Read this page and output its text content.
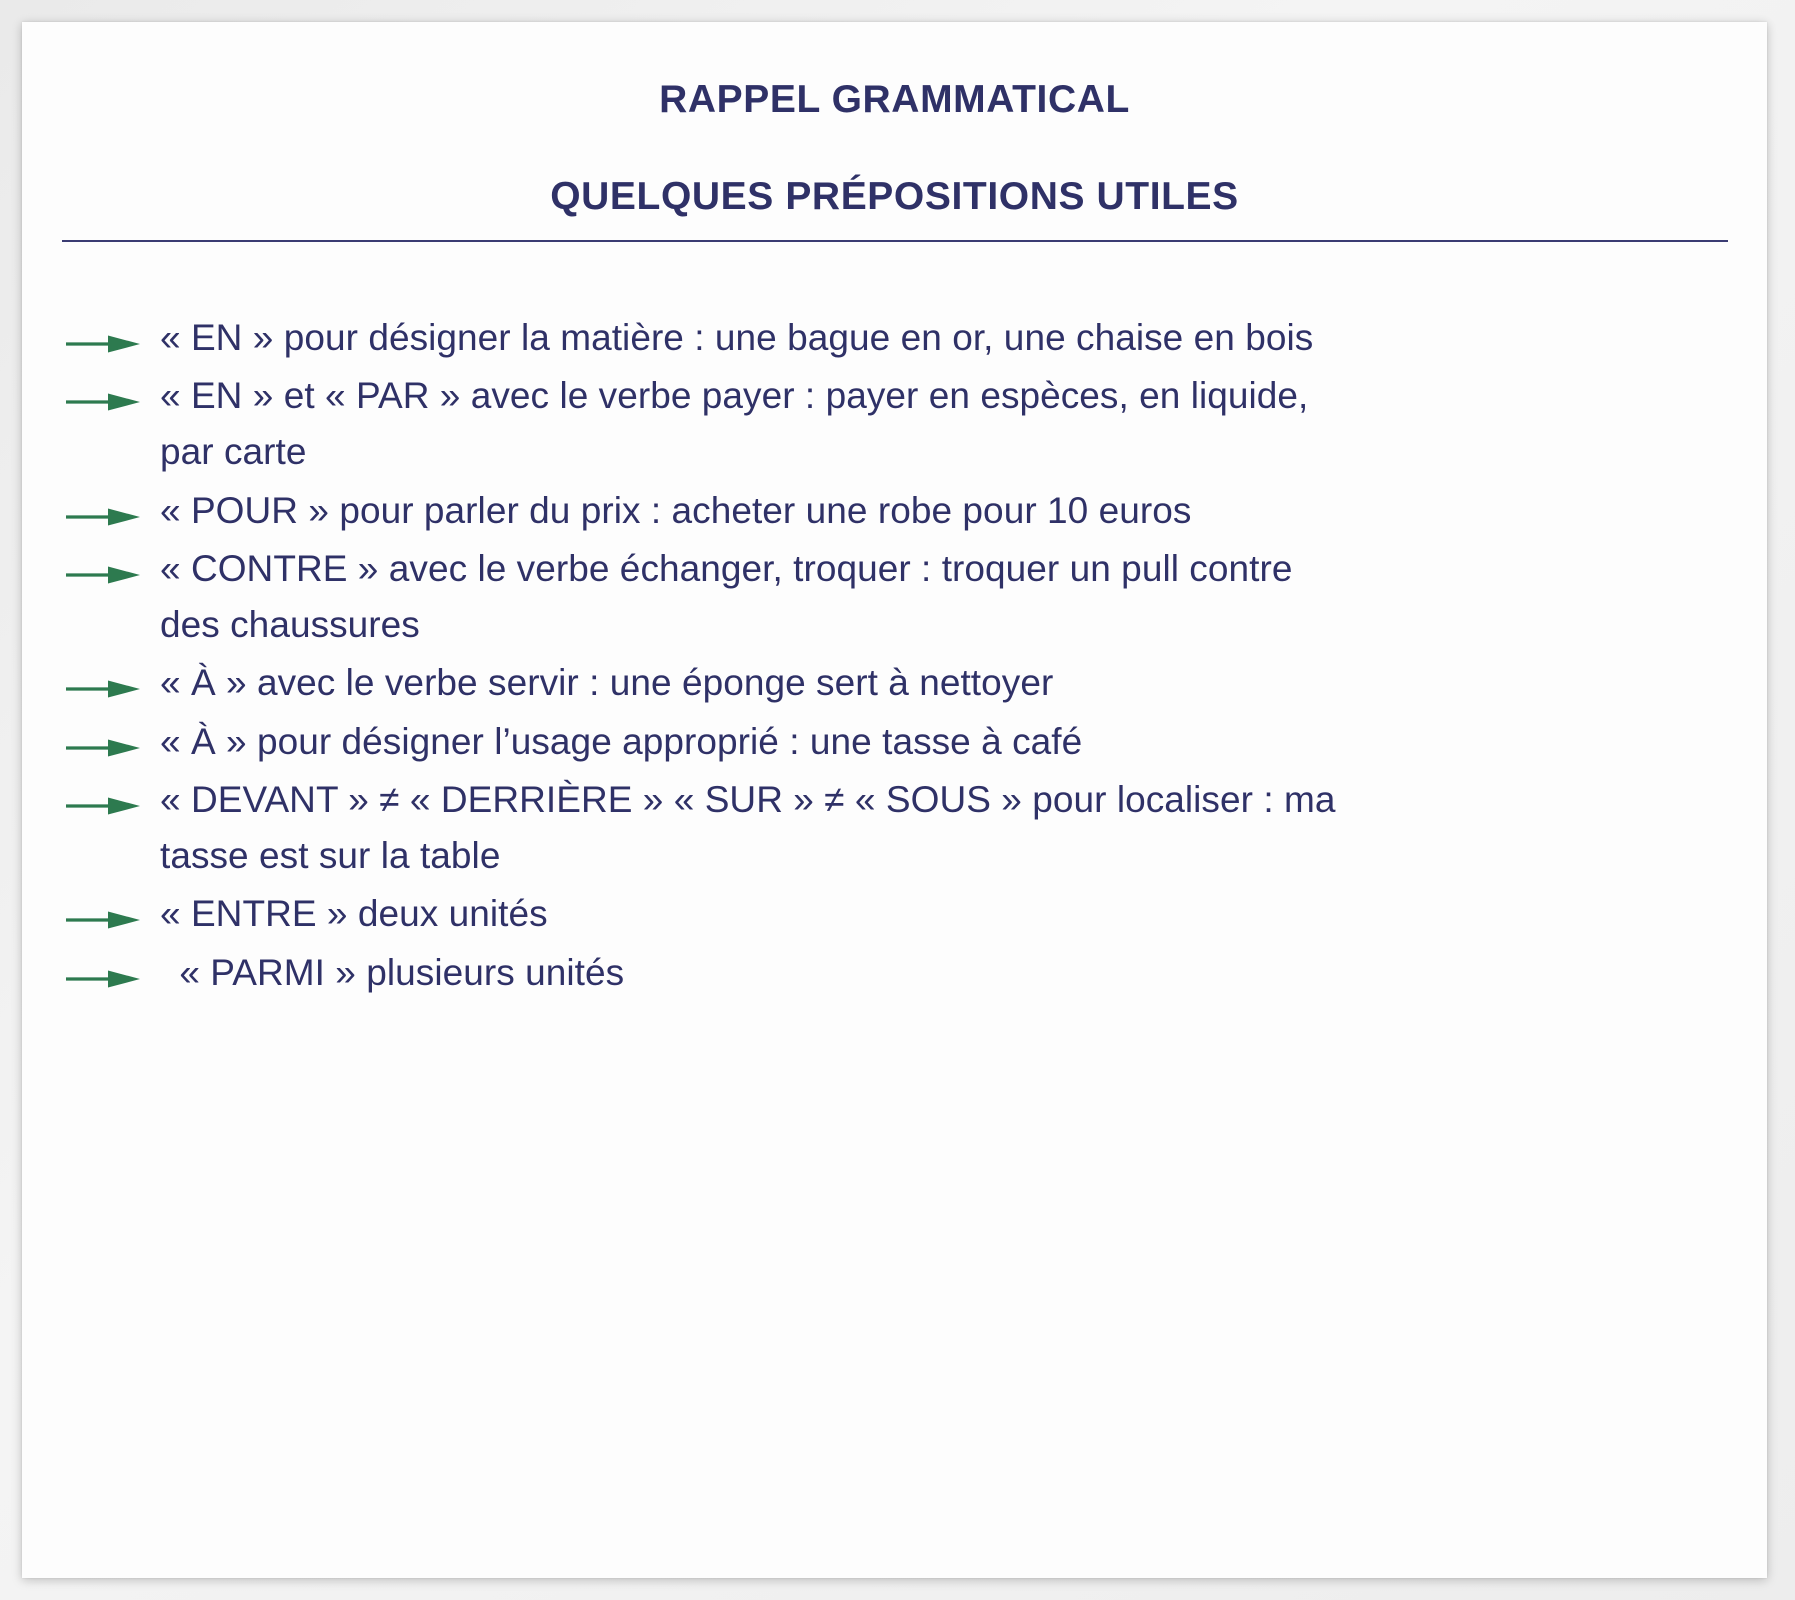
RAPPEL GRAMMATICAL
QUELQUES PRÉPOSITIONS UTILES
« EN » pour désigner la matière : une bague en or, une chaise en bois
« EN » et « PAR » avec le verbe payer : payer en espèces, en liquide,
par carte
« POUR » pour parler du prix : acheter une robe pour 10 euros
« CONTRE » avec le verbe échanger, troquer : troquer un pull contre
des chaussures
« À » avec le verbe servir : une éponge sert à nettoyer
« À » pour désigner l’usage approprié : une tasse à café
« DEVANT » ≠ « DERRIÈRE » « SUR » ≠ « SOUS » pour localiser : ma
tasse est sur la table
« ENTRE » deux unités
« PARMI » plusieurs unités
